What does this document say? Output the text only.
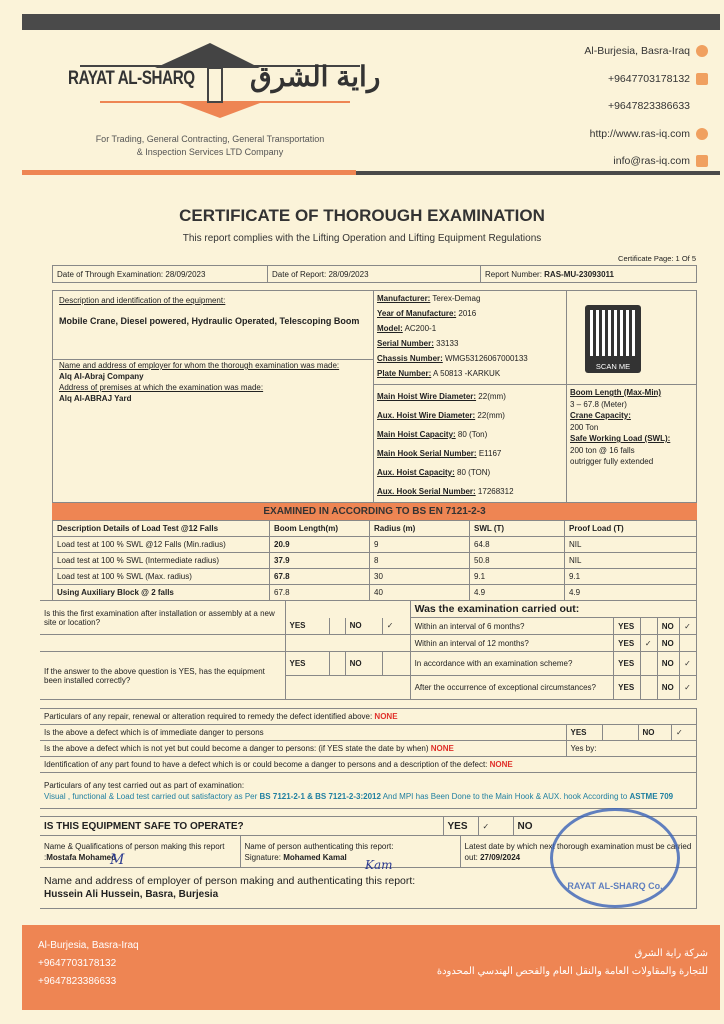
RAYAT AL-SHARQ راية الشرق
For Trading, General Contracting, General Transportation
& Inspection Services LTD Company
Al-Burjesia, Basra-Iraq
+9647703178132
+9647823386633
http://www.ras-iq.com
info@ras-iq.com
CERTIFICATE OF THOROUGH EXAMINATION
This report complies with the Lifting Operation and Lifting Equipment Regulations
Certificate Page: 1 Of 5
Date of Through Examination: 28/09/2023	Date of Report: 28/09/2023	Report Number: RAS-MU-23093011
Description and identification of the equipment:
Mobile Crane, Diesel powered, Hydraulic Operated, Telescoping Boom
Name and address of employer for whom the thorough examination was made:
Alq Al-Abraj Company
Address of premises at which the examination was made:
Alq Al-ABRAJ Yard
Manufacturer: Terex-Demag
Year of Manufacture: 2016
Model: AC200-1
Serial Number: 33133
Chassis Number: WMG53126067000133
Plate Number: A 50813 -KARKUK
Main Hoist Wire Diameter: 22(mm)
Aux. Hoist Wire Diameter: 22(mm)
Main Hoist Capacity: 80 (Ton)
Main Hook Serial Number: E1167
Aux. Hoist Capacity: 80 (TON)
Aux. Hook Serial Number: 17268312
Boom Length (Max-Min)
3 – 67.8 (Meter)
Crane Capacity:
200 Ton
Safe Working Load (SWL):
200 ton @ 16 falls
outrigger fully extended
SCAN ME
EXAMINED IN ACCORDING TO BS EN 7121-2-3
Description Details of Load Test @12 Falls	Boom Length(m)	Radius (m)	SWL (T)	Proof Load (T)
Load test at 100 % SWL @12 Falls (Min.radius)	20.9	9	64.8	NIL
Load test at 100 % SWL (Intermediate radius)	37.9	8	50.8	NIL
Load test at 100 % SWL (Max. radius)	67.8	30	9.1	9.1
Using Auxiliary Block @ 2 falls	67.8	40	4.9	4.9
Is this the first examination after installation or assembly at a new site or location?					Was the examination carried out:				
	YES		NO	✓	Within an interval of 6 months?	YES		NO	✓
					Within an interval of 12 months?	YES	✓	NO	
If the answer to the above question is YES, has the equipment been installed correctly?	YES		NO		In accordance with an examination scheme?	YES		NO	✓
					After the occurrence of exceptional circumstances?	YES		NO	✓
Particulars of any repair, renewal or alteration required to remedy the defect identified above: NONE				
Is the above a defect which is of immediate danger to persons	YES		NO	✓
Is the above a defect which is not yet but could become a danger to persons: (if YES state the date by when) NONE	Yes by:			
Identification of any part found to have a defect which is or could become a danger to persons and a description of the defect: NONE				

Particulars of any test carried out as part of examination:
Visual , functional & Load test carried out satisfactory as Per BS 7121-2-1 & BS 7121-2-3:2012 And MPI has Been Done to the Main Hook & AUX. hook According to ASTME 709				
IS THIS EQUIPMENT SAFE TO OPERATE?	YES	✓	NO
Name & Qualifications of person making this report :Mostafa Mohamed	
Name of person authenticating this report:
Signature: Mohamed Kamal	Latest date by which next thorough examination must be carried out: 27/09/2024

Name and address of employer of person making and authenticating this report:
Hussein Ali Hussein, Basra, Burjesia
M	Kam
RAYAT AL-SHARQ Co.
Al-Burjesia, Basra-Iraq
+9647703178132
+9647823386633
شركة راية الشرق
للتجارة والمقاولات العامة والنقل العام والفحص الهندسي المحدودة
